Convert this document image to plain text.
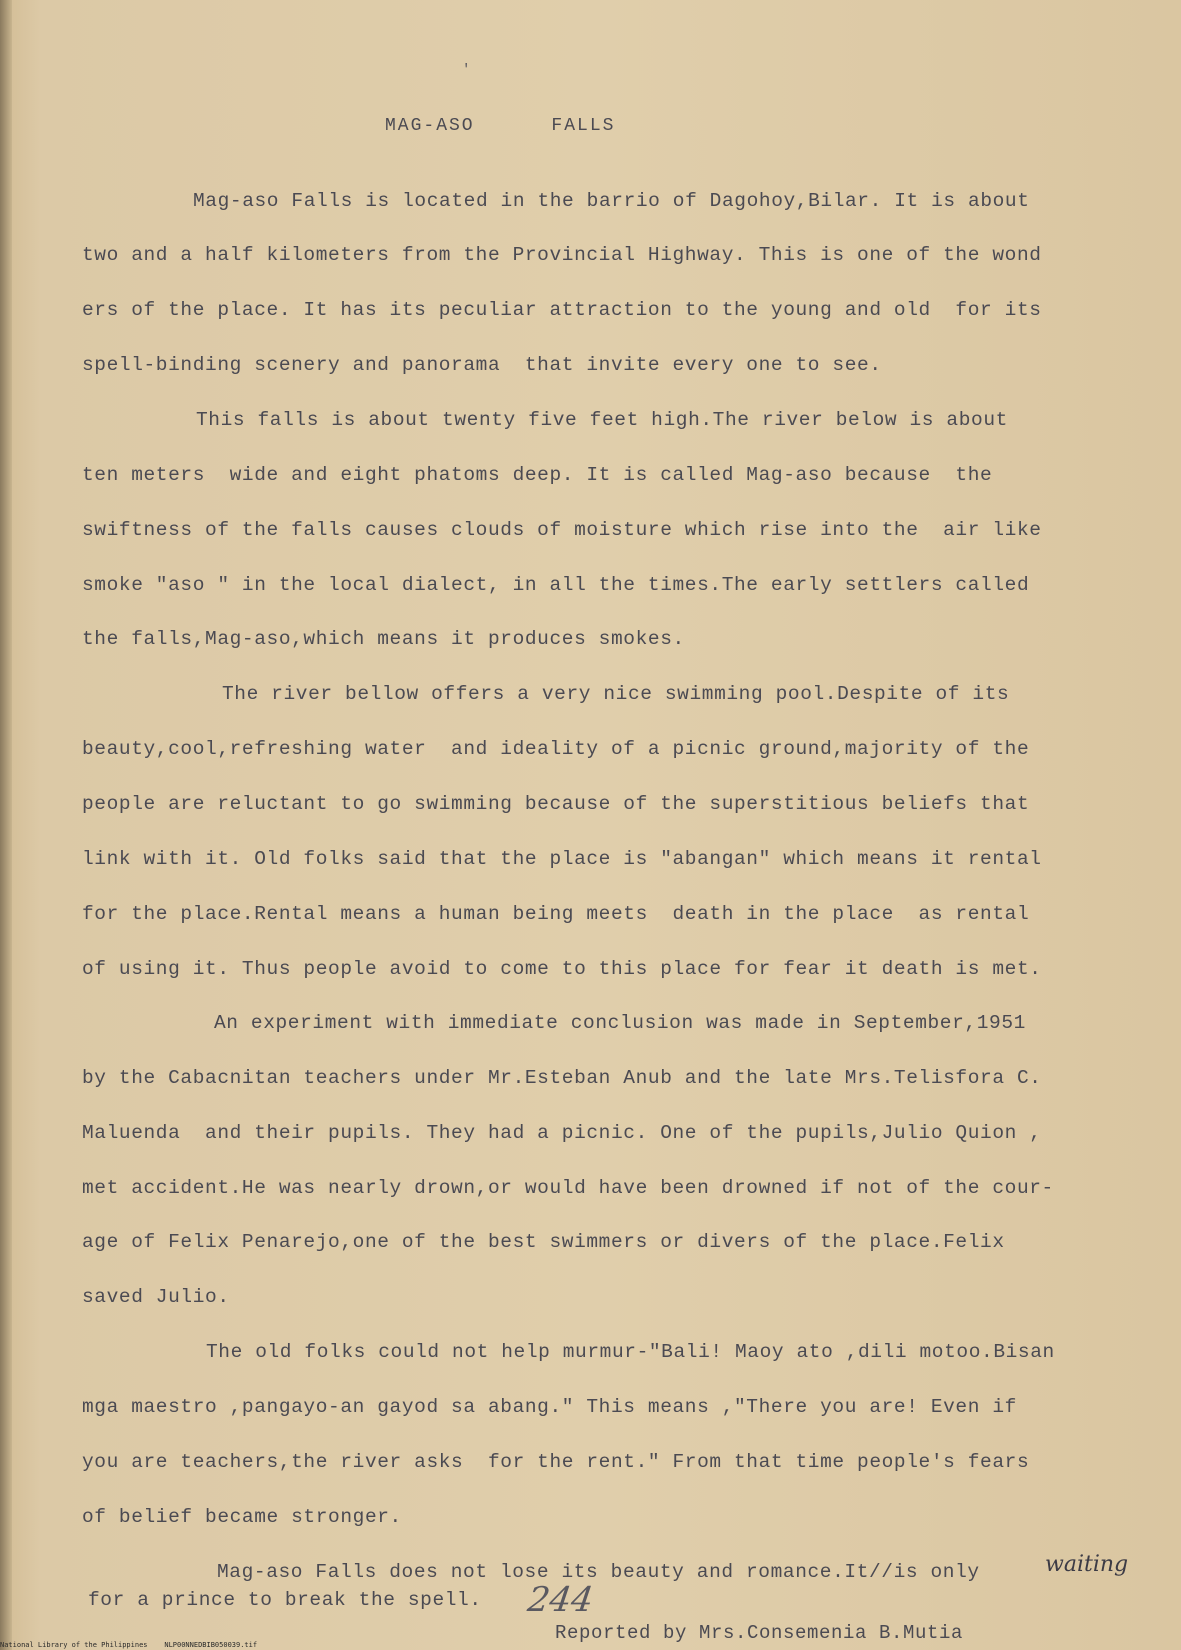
'
MAG-ASO      FALLS
Mag-aso Falls is located in the barrio of Dagohoy,Bilar. It is about
two and a half kilometers from the Provincial Highway. This is one of the wond
ers of the place. It has its peculiar attraction to the young and old  for its
spell-binding scenery and panorama  that invite every one to see.
This falls is about twenty five feet high.The river below is about
ten meters  wide and eight phatoms deep. It is called Mag-aso because  the
swiftness of the falls causes clouds of moisture which rise into the  air like
smoke "aso " in the local dialect, in all the times.The early settlers called
the falls,Mag-aso,which means it produces smokes.
The river bellow offers a very nice swimming pool.Despite of its
beauty,cool,refreshing water  and ideality of a picnic ground,majority of the
people are reluctant to go swimming because of the superstitious beliefs that
link with it. Old folks said that the place is "abangan" which means it rental
for the place.Rental means a human being meets  death in the place  as rental
of using it. Thus people avoid to come to this place for fear it death is met.
An experiment with immediate conclusion was made in September,1951
by the Cabacnitan teachers under Mr.Esteban Anub and the late Mrs.Telisfora C.
Maluenda  and their pupils. They had a picnic. One of the pupils,Julio Quion ,
met accident.He was nearly drown,or would have been drowned if not of the cour-
age of Felix Penarejo,one of the best swimmers or divers of the place.Felix
saved Julio.
The old folks could not help murmur-"Bali! Maoy ato ,dili motoo.Bisan
mga maestro ,pangayo-an gayod sa abang." This means ,"There you are! Even if
you are teachers,the river asks  for the rent." From that time people's fears
of belief became stronger.
Mag-aso Falls does not lose its beauty and romance.It//is only	waiting
for a prince to break the spell.
Reported by Mrs.Consemenia B.Mutia
244
National Library of the Philippines    NLP00NNEDBIB050039.tif
